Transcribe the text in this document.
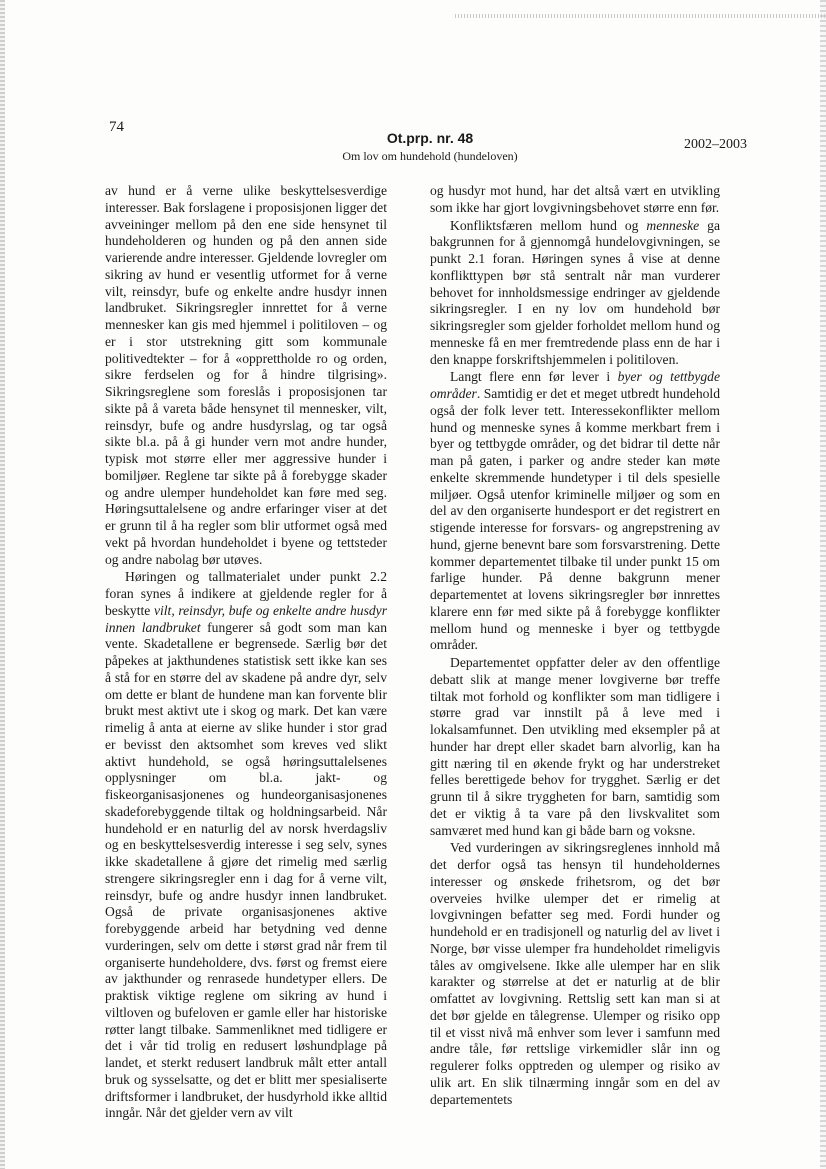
74
Ot.prp. nr. 48
Om lov om hundehold (hundeloven)
2002–2003

av hund er å verne ulike beskyttelsesverdige interesser. Bak forslagene i proposisjonen ligger det avveininger mellom på den ene side hensynet til hundeholderen og hunden og på den annen side varierende andre interesser. Gjeldende lovregler om sikring av hund er vesentlig utformet for å verne vilt, reinsdyr, bufe og enkelte andre husdyr innen landbruket. Sikringsregler innrettet for å verne mennesker kan gis med hjemmel i politiloven – og er i stor utstrekning gitt som kommunale politivedtekter – for å «opprettholde ro og orden, sikre ferdselen og for å hindre tilgrising». Sikringsreglene som foreslås i proposisjonen tar sikte på å vareta både hensynet til mennesker, vilt, reinsdyr, bufe og andre husdyrslag, og tar også sikte bl.a. på å gi hunder vern mot andre hunder, typisk mot større eller mer aggressive hunder i bomiljøer. Reglene tar sikte på å forebygge skader og andre ulemper hundeholdet kan føre med seg. Høringsuttalelsene og andre erfaringer viser at det er grunn til å ha regler som blir utformet også med vekt på hvordan hundeholdet i byene og tettsteder og andre nabolag bør utøves.

Høringen og tallmaterialet under punkt 2.2 foran synes å indikere at gjeldende regler for å beskytte vilt, reinsdyr, bufe og enkelte andre husdyr innen landbruket fungerer så godt som man kan vente. Skadetallene er begrensede. Særlig bør det påpekes at jakthundenes statistisk sett ikke kan ses å stå for en større del av skadene på andre dyr, selv om dette er blant de hundene man kan forvente blir brukt mest aktivt ute i skog og mark. Det kan være rimelig å anta at eierne av slike hunder i stor grad er bevisst den aktsomhet som kreves ved slikt aktivt hundehold, se også høringsuttalelsenes opplysninger om bl.a. jakt- og fiskeorganisasjonenes og hundeorganisasjonenes skadeforebyggende tiltak og holdningsarbeid. Når hundehold er en naturlig del av norsk hverdagsliv og en beskyttelsesverdig interesse i seg selv, synes ikke skadetallene å gjøre det rimelig med særlig strengere sikringsregler enn i dag for å verne vilt, reinsdyr, bufe og andre husdyr innen landbruket. Også de private organisasjonenes aktive forebyggende arbeid har betydning ved denne vurderingen, selv om dette i størst grad når frem til organiserte hundeholdere, dvs. først og fremst eiere av jakthunder og renrasede hundetyper ellers. De praktisk viktige reglene om sikring av hund i viltloven og bufeloven er gamle eller har historiske røtter langt tilbake. Sammenliknet med tidligere er det i vår tid trolig en redusert løshundplage på landet, et sterkt redusert landbruk målt etter antall bruk og sysselsatte, og det er blitt mer spesialiserte driftsformer i landbruket, der husdyrhold ikke alltid inngår. Når det gjelder vern av vilt

og husdyr mot hund, har det altså vært en utvikling som ikke har gjort lovgivningsbehovet større enn før.

Konfliktsfæren mellom hund og menneske ga bakgrunnen for å gjennomgå hundelovgivningen, se punkt 2.1 foran. Høringen synes å vise at denne konflikttypen bør stå sentralt når man vurderer behovet for innholdsmessige endringer av gjeldende sikringsregler. I en ny lov om hundehold bør sikringsregler som gjelder forholdet mellom hund og menneske få en mer fremtredende plass enn de har i den knappe forskriftshjemmelen i politiloven.

Langt flere enn før lever i byer og tettbygde områder. Samtidig er det et meget utbredt hundehold også der folk lever tett. Interessekonflikter mellom hund og menneske synes å komme merkbart frem i byer og tettbygde områder, og det bidrar til dette når man på gaten, i parker og andre steder kan møte enkelte skremmende hundetyper i til dels spesielle miljøer. Også utenfor kriminelle miljøer og som en del av den organiserte hundesport er det registrert en stigende interesse for forsvars- og angrepstrening av hund, gjerne benevnt bare som forsvarstrening. Dette kommer departementet tilbake til under punkt 15 om farlige hunder. På denne bakgrunn mener departementet at lovens sikringsregler bør innrettes klarere enn før med sikte på å forebygge konflikter mellom hund og menneske i byer og tettbygde områder.

Departementet oppfatter deler av den offentlige debatt slik at mange mener lovgiverne bør treffe tiltak mot forhold og konflikter som man tidligere i større grad var innstilt på å leve med i lokalsamfunnet. Den utvikling med eksempler på at hunder har drept eller skadet barn alvorlig, kan ha gitt næring til en økende frykt og har understreket felles berettigede behov for trygghet. Særlig er det grunn til å sikre tryggheten for barn, samtidig som det er viktig å ta vare på den livskvalitet som samværet med hund kan gi både barn og voksne.

Ved vurderingen av sikringsreglenes innhold må det derfor også tas hensyn til hundeholdernes interesser og ønskede frihetsrom, og det bør overveies hvilke ulemper det er rimelig at lovgivningen befatter seg med. Fordi hunder og hundehold er en tradisjonell og naturlig del av livet i Norge, bør visse ulemper fra hundeholdet rimeligvis tåles av omgivelsene. Ikke alle ulemper har en slik karakter og størrelse at det er naturlig at de blir omfattet av lovgivning. Rettslig sett kan man si at det bør gjelde en tålegrense. Ulemper og risiko opp til et visst nivå må enhver som lever i samfunn med andre tåle, før rettslige virkemidler slår inn og regulerer folks opptreden og ulemper og risiko av ulik art. En slik tilnærming inngår som en del av departementets
